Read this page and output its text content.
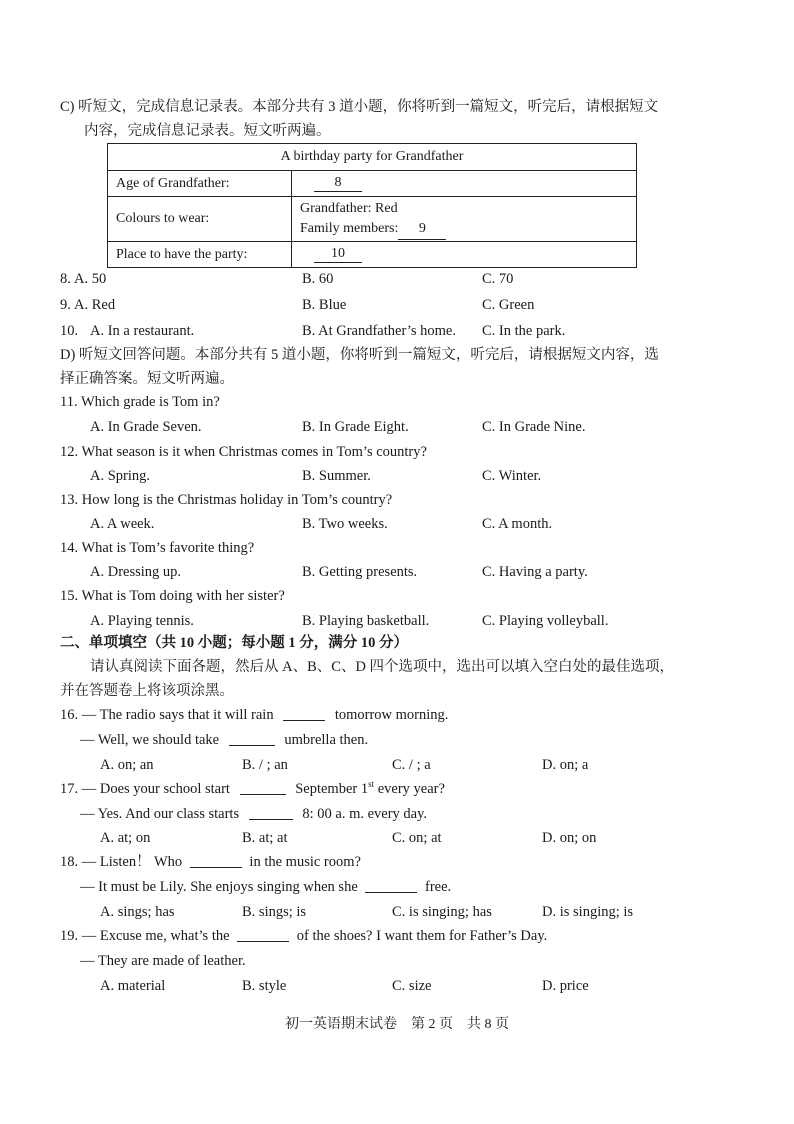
C) 听短文，完成信息记录表。本部分共有 3 道小题，你将听到一篇短文，听完后，请根据短文
内容，完成信息记录表。短文听两遍。
A birthday party for Grandfather	
Age of Grandfather:	8
Colours to wear:	Grandfather: Red
Family members: 9

Place to have the party:	10
8. A. 50	B. 60	C. 70
9. A. Red	B. Blue	C. Green
10. A. In a restaurant.	B. At Grandfather’s home. C. In the park.
D) 听短文回答问题。本部分共有 5 道小题，你将听到一篇短文，听完后，请根据短文内容，选
择正确答案。短文听两遍。
11. Which grade is Tom in?
A. In Grade Seven.	B. In Grade Eight.	C. In Grade Nine.
12. What season is it when Christmas comes in Tom’s country?
A. Spring.	B. Summer.	C. Winter.
13. How long is the Christmas holiday in Tom’s country?
A. A week.	B. Two weeks.	C. A month.
14. What is Tom’s favorite thing?
A. Dressing up.	B. Getting presents.	C. Having a party.
15. What is Tom doing with her sister?
A. Playing tennis.	B. Playing basketball.	C. Playing volleyball.
二、单项填空（共 10 小题；每小题 1 分，满分 10 分）
请认真阅读下面各题，然后从 A、B、C、D 四个选项中，选出可以填入空白处的最佳选项，
并在答题卷上将该项涂黑。
16. — The radio says that it will rain	tomorrow morning.
— Well, we should take	umbrella then.
A. on; an	B. / ; an	C. / ; a	D. on; a
17. — Does your school start	September 1st every year?
— Yes. And our class starts	8: 00 a. m. every day.
A. at; on	B. at; at	C. on; at	D. on; on
18. — Listen！ Who	in the music room?
— It must be Lily. She enjoys singing when she	free.
A. sings; has	B. sings; is	C. is singing; has	D. is singing; is
19. — Excuse me, what’s the	of the shoes? I want them for Father’s Day.
— They are made of leather.
A. material	B. style	C. size	D. price
初一英语期末试卷　第 2 页　共 8 页
